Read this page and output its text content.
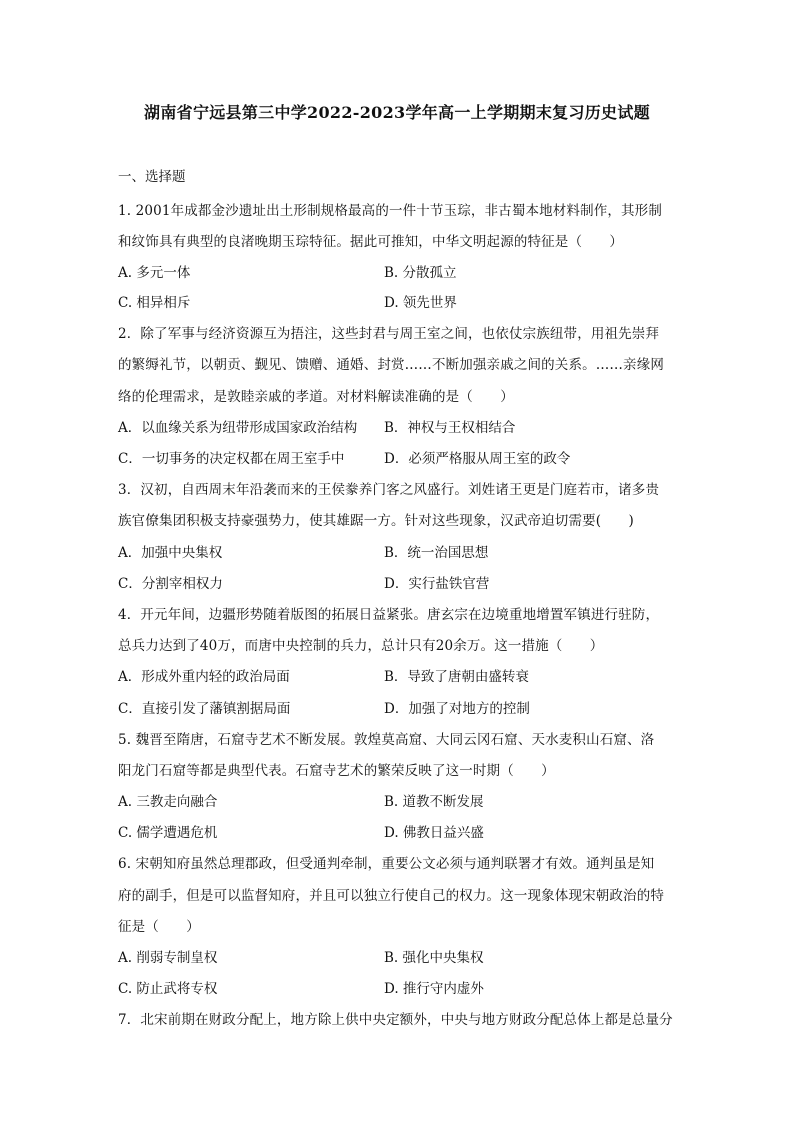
湖南省宁远县第三中学2022-2023学年高一上学期期末复习历史试题
一、选择题
1. 2001年成都金沙遗址出土形制规格最高的一件十节玉琮，非古蜀本地材料制作，其形制
和纹饰具有典型的良渚晚期玉琮特征。据此可推知，中华文明起源的特征是（　　）
A. 多元一体	B. 分散孤立
C. 相异相斥	D. 领先世界
2．除了军事与经济资源互为捂注，这些封君与周王室之间，也依仗宗族纽带，用祖先崇拜
的繁缛礼节，以朝贡、觐见、馈赠、通婚、封赏……不断加强亲戚之间的关系。……亲缘网
络的伦理需求，是敦睦亲戚的孝道。对材料解读准确的是（　　）
A．以血缘关系为纽带形成国家政治结构 B．神权与王权相结合
C．一切事务的决定权都在周王室手中	D．必须严格服从周王室的政令
3．汉初，自西周末年沿袭而来的王侯豢养门客之风盛行。刘姓诸王更是门庭若市，诸多贵
族官僚集团积极支持豪强势力，使其雄踞一方。针对这些现象，汉武帝迫切需要(　　)
A．加强中央集权	B．统一治国思想
C．分割宰相权力	D．实行盐铁官营
4．开元年间，边疆形势随着版图的拓展日益紧张。唐玄宗在边境重地增置军镇进行驻防，
总兵力达到了40万，而唐中央控制的兵力，总计只有20余万。这一措施（　　）
A．形成外重内轻的政治局面	B．导致了唐朝由盛转衰
C．直接引发了藩镇割据局面	D．加强了对地方的控制
5. 魏晋至隋唐，石窟寺艺术不断发展。敦煌莫高窟、大同云冈石窟、天水麦积山石窟、洛
阳龙门石窟等都是典型代表。石窟寺艺术的繁荣反映了这一时期（　　）
A. 三教走向融合	B. 道教不断发展
C. 儒学遭遇危机	D. 佛教日益兴盛
6. 宋朝知府虽然总理郡政，但受通判牵制，重要公文必须与通判联署才有效。通判虽是知
府的副手，但是可以监督知府，并且可以独立行使自己的权力。这一现象体现宋朝政治的特
征是（　　）
A. 削弱专制皇权	B. 强化中央集权
C. 防止武将专权	D. 推行守内虚外
7．北宋前期在财政分配上，地方除上供中央定额外，中央与地方财政分配总体上都是总量分
